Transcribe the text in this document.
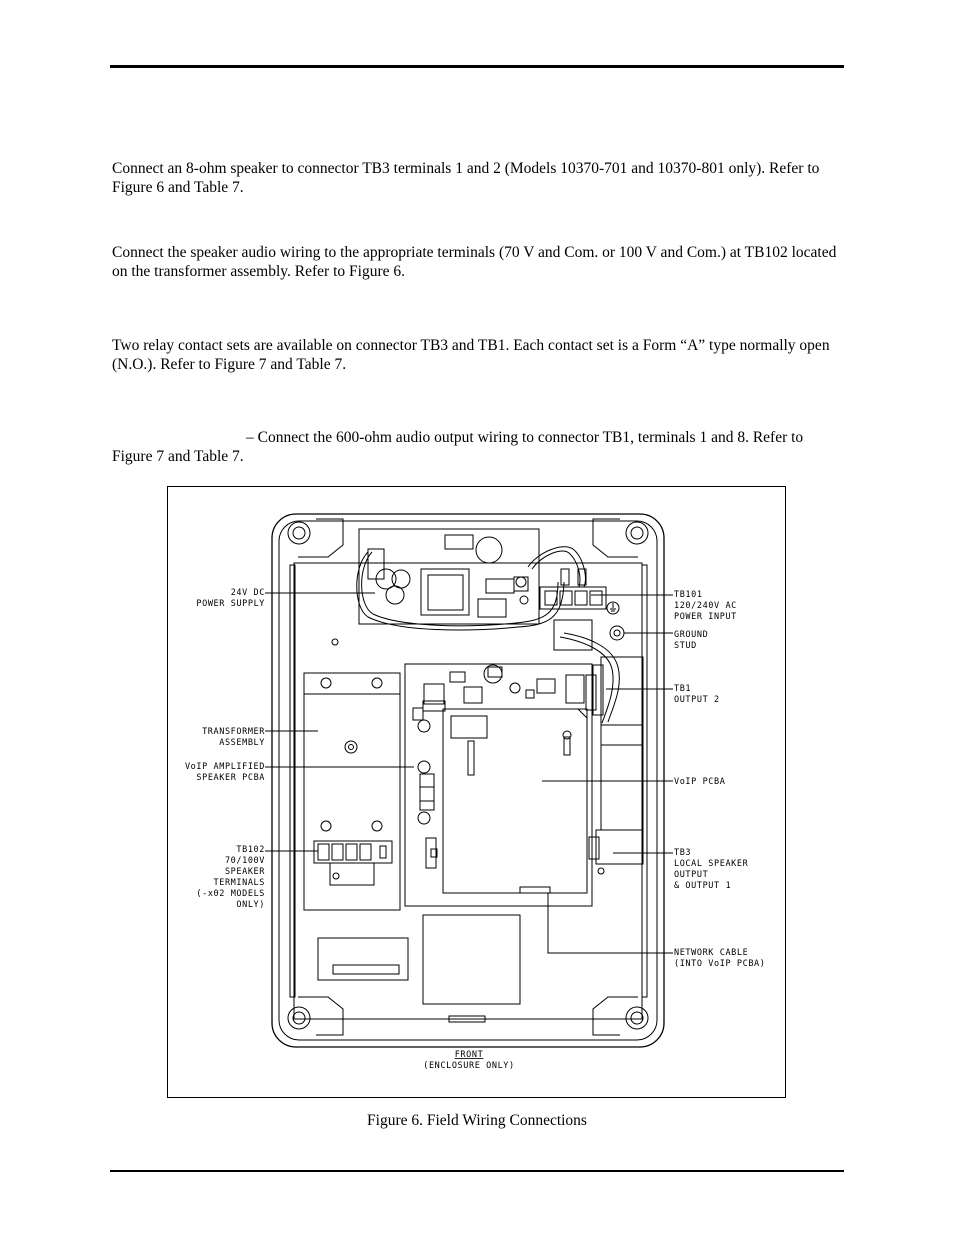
Connect an 8-ohm speaker to connector TB3 terminals 1 and 2 (Models 10370-701 and 10370-801 only). Refer to Figure 6 and Table 7.

Connect the speaker audio wiring to the appropriate terminals (70 V and Com. or 100 V and Com.) at TB102 located on the transformer assembly. Refer to Figure 6.

Two relay contact sets are available on connector TB3 and TB1. Each contact set is a Form “A” type normally open (N.O.). Refer to Figure 7 and Table 7.

– Connect the 600-ohm audio output wiring to connector TB1, terminals 1 and 8. Refer to Figure 7 and Table 7.

24V DC
POWER SUPPLY
TRANSFORMER
ASSEMBLY
VoIP AMPLIFIED
SPEAKER PCBA
TB102
70/100V
SPEAKER
TERMINALS
(-x02 MODELS
ONLY)
TB101
120/240V AC
POWER INPUT
GROUND
STUD
TB1
OUTPUT 2
VoIP PCBA
TB3
LOCAL SPEAKER
OUTPUT
& OUTPUT 1
NETWORK CABLE
(INTO VoIP PCBA)
FRONT
(ENCLOSURE ONLY)
Figure 6. Field Wiring Connections
